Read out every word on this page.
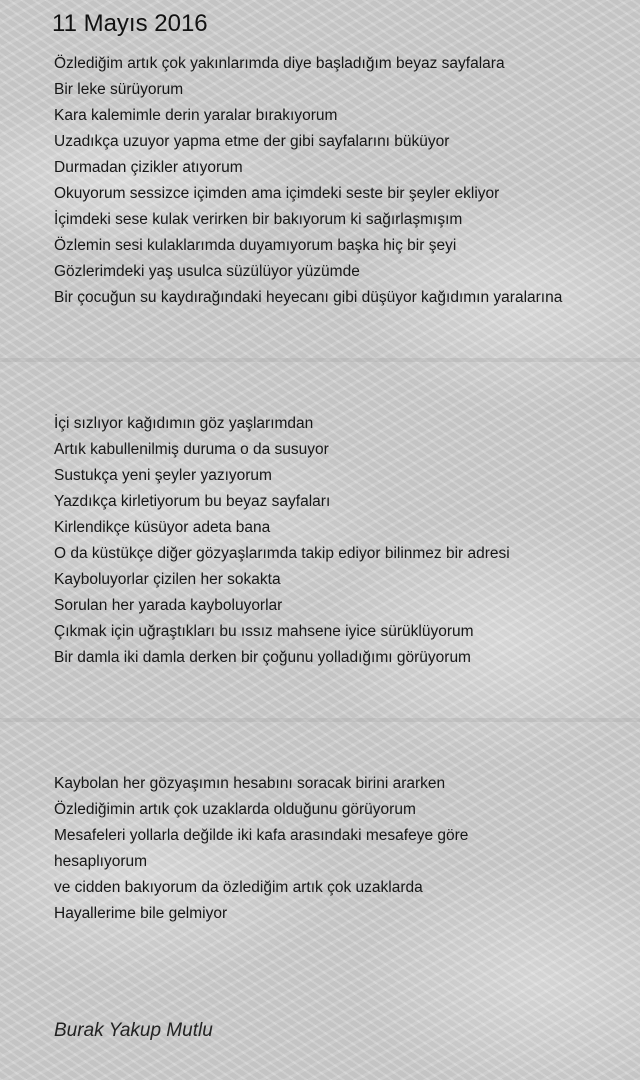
11 Mayıs 2016
Özlediğim artık çok yakınlarımda diye başladığım beyaz sayfalara
Bir leke sürüyorum
Kara kalemimle derin yaralar bırakıyorum
Uzadıkça uzuyor yapma etme der gibi sayfalarını büküyor
Durmadan çizikler atıyorum
Okuyorum sessizce içimden ama içimdeki seste bir şeyler ekliyor
İçimdeki sese kulak verirken bir bakıyorum ki sağırlaşmışım
Özlemin sesi kulaklarımda duyamıyorum başka hiç bir şeyi
Gözlerimdeki yaş usulca süzülüyor yüzümde
Bir çocuğun su kaydırağındaki heyecanı gibi düşüyor kağıdımın yaralarına
İçi sızlıyor kağıdımın göz yaşlarımdan
Artık kabullenilmiş duruma o da susuyor
Sustukça yeni şeyler yazıyorum
Yazdıkça kirletiyorum bu beyaz sayfaları
Kirlendikçe küsüyor adeta bana
O da küstükçe diğer gözyaşlarımda takip ediyor bilinmez bir adresi
Kayboluyorlar çizilen her sokakta
Sorulan her yarada kayboluyorlar
Çıkmak için uğraştıkları bu ıssız mahsene iyice sürüklüyorum
Bir damla iki damla derken bir çoğunu yolladığımı görüyorum
Kaybolan her gözyaşımın hesabını soracak birini ararken
Özlediğimin artık çok uzaklarda olduğunu görüyorum
Mesafeleri yollarla değilde iki kafa arasındaki mesafeye göre
hesaplıyorum
ve cidden bakıyorum da özlediğim artık çok uzaklarda
Hayallerime bile gelmiyor
Burak Yakup Mutlu
